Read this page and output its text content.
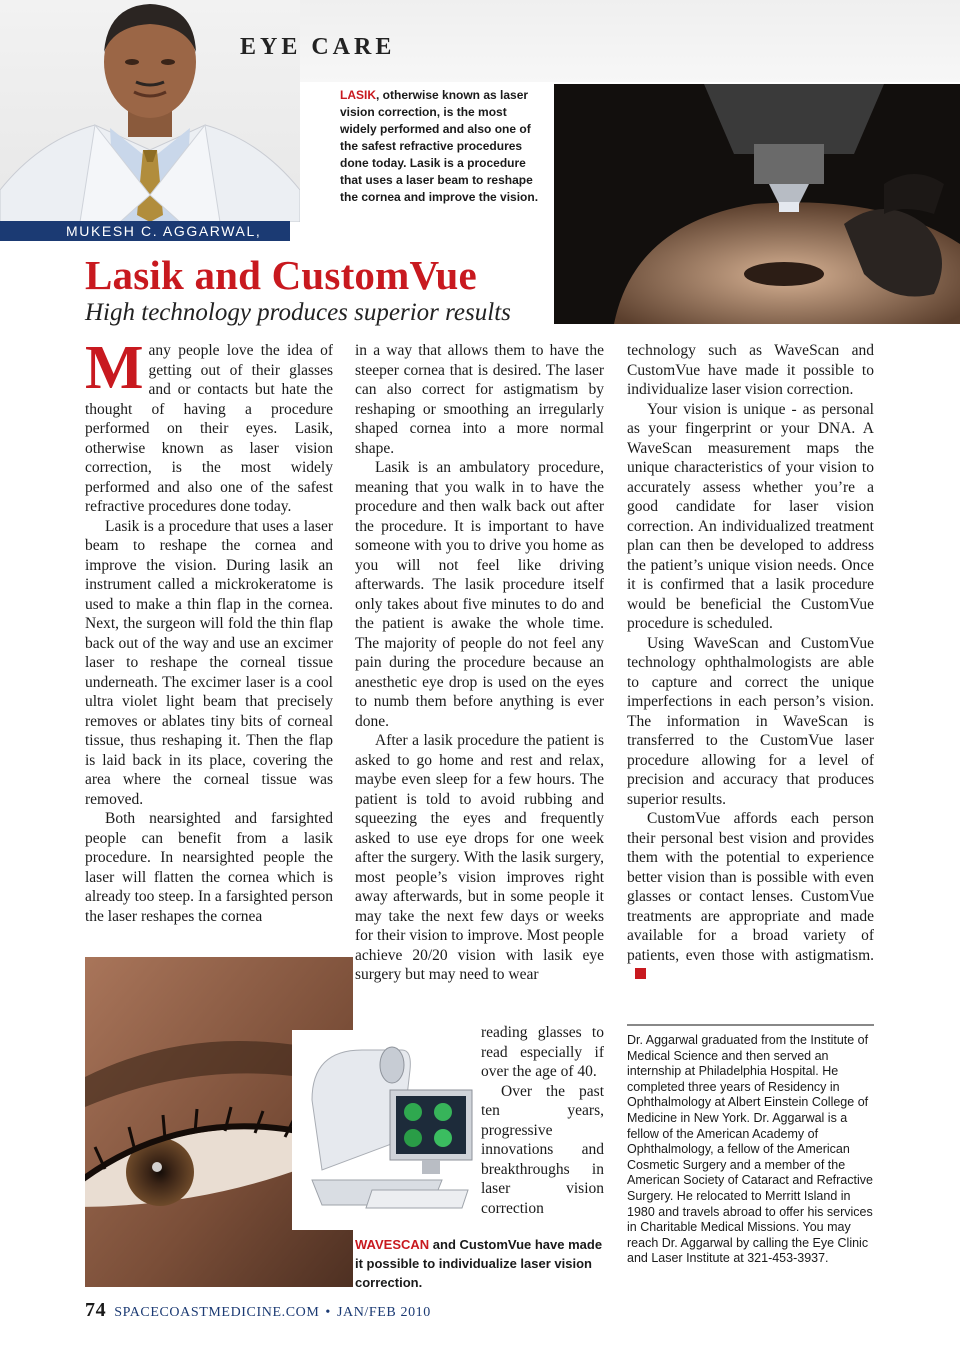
EYE CARE
MUKESH C. AGGARWAL, MD
LASIK, otherwise known as laser vision correction, is the most widely performed and also one of the safest refractive procedures done today. Lasik is a procedure that uses a laser beam to reshape the cornea and improve the vision.
Lasik and CustomVue
High technology produces superior results

Many people love the idea of getting out of their glasses and or contacts but hate the thought of having a procedure performed on their eyes. Lasik, otherwise known as laser vision correction, is the most widely performed and also one of the safest refractive procedures done today.

Lasik is a procedure that uses a laser beam to reshape the cornea and improve the vision. During lasik an instrument called a mickrokeratome is used to make a thin flap in the cornea. Next, the surgeon will fold the thin flap back out of the way and use an excimer laser to reshape the corneal tissue underneath. The excimer laser is a cool ultra violet light beam that precisely removes or ablates tiny bits of corneal tissue, thus reshaping it. Then the flap is laid back in its place, covering the area where the corneal tissue was removed.

Both nearsighted and farsighted people can benefit from a lasik procedure. In nearsighted people the laser will flatten the cornea which is already too steep. In a farsighted person the laser reshapes the cornea

in a way that allows them to have the steeper cornea that is desired. The laser can also correct for astigmatism by reshaping or smoothing an irregularly shaped cornea into a more normal shape.

Lasik is an ambulatory procedure, meaning that you walk in to have the procedure and then walk back out after the procedure. It is important to have someone with you to drive you home as you will not feel like driving afterwards. The lasik procedure itself only takes about five minutes to do and the patient is awake the whole time. The majority of people do not feel any pain during the procedure because an anesthetic eye drop is used on the eyes to numb them before anything is ever done.

After a lasik procedure the patient is asked to go home and rest and relax, maybe even sleep for a few hours. The patient is told to avoid rubbing and squeezing the eyes and frequently asked to use eye drops for one week after the surgery. With the lasik surgery, most people’s vision improves right away afterwards, but in some people it may take the next few days or weeks for their vision to improve. Most people achieve 20/20 vision with lasik eye surgery but may need to wear

reading glasses to read especially if over the age of 40.

Over the past ten years, progressive innovations and breakthroughs in laser vision correction

technology such as WaveScan and CustomVue have made it possible to individualize laser vision correction.

Your vision is unique - as personal as your fingerprint or your DNA. A WaveScan measurement maps the unique characteristics of your vision to accurately assess whether you’re a good candidate for laser vision correction. An individualized treatment plan can then be developed to address the patient’s unique vision needs. Once it is confirmed that a lasik procedure would be beneficial the CustomVue procedure is scheduled.

Using WaveScan and CustomVue technology ophthalmologists are able to capture and correct the unique imperfections in each person’s vision. The information in WaveScan is transferred to the CustomVue laser procedure allowing for a level of precision and accuracy that produces superior results.

CustomVue affords each person their personal best vision and provides them with the potential to experience better vision than is possible with even glasses or contact lenses. CustomVue treatments are appropriate and made available for a broad variety of patients, even those with astigmatism.

WAVESCAN and CustomVue have made it possible to individualize laser vision correction.
Dr. Aggarwal graduated from the Institute of Medical Science and then served an internship at Philadelphia Hospital. He completed three years of Residency in Ophthalmology at Albert Einstein College of Medicine in New York. Dr. Aggarwal is a fellow of the American Academy of Ophthalmology, a fellow of the American Cosmetic Surgery and a member of the American Society of Cataract and Refractive Surgery. He relocated to Merritt Island in 1980 and travels abroad to offer his services in Charitable Medical Missions. You may reach Dr. Aggarwal by calling the Eye Clinic and Laser Institute at 321-453-3937.
74 SPACECOASTMEDICINE.COM • JAN/FEB 2010
